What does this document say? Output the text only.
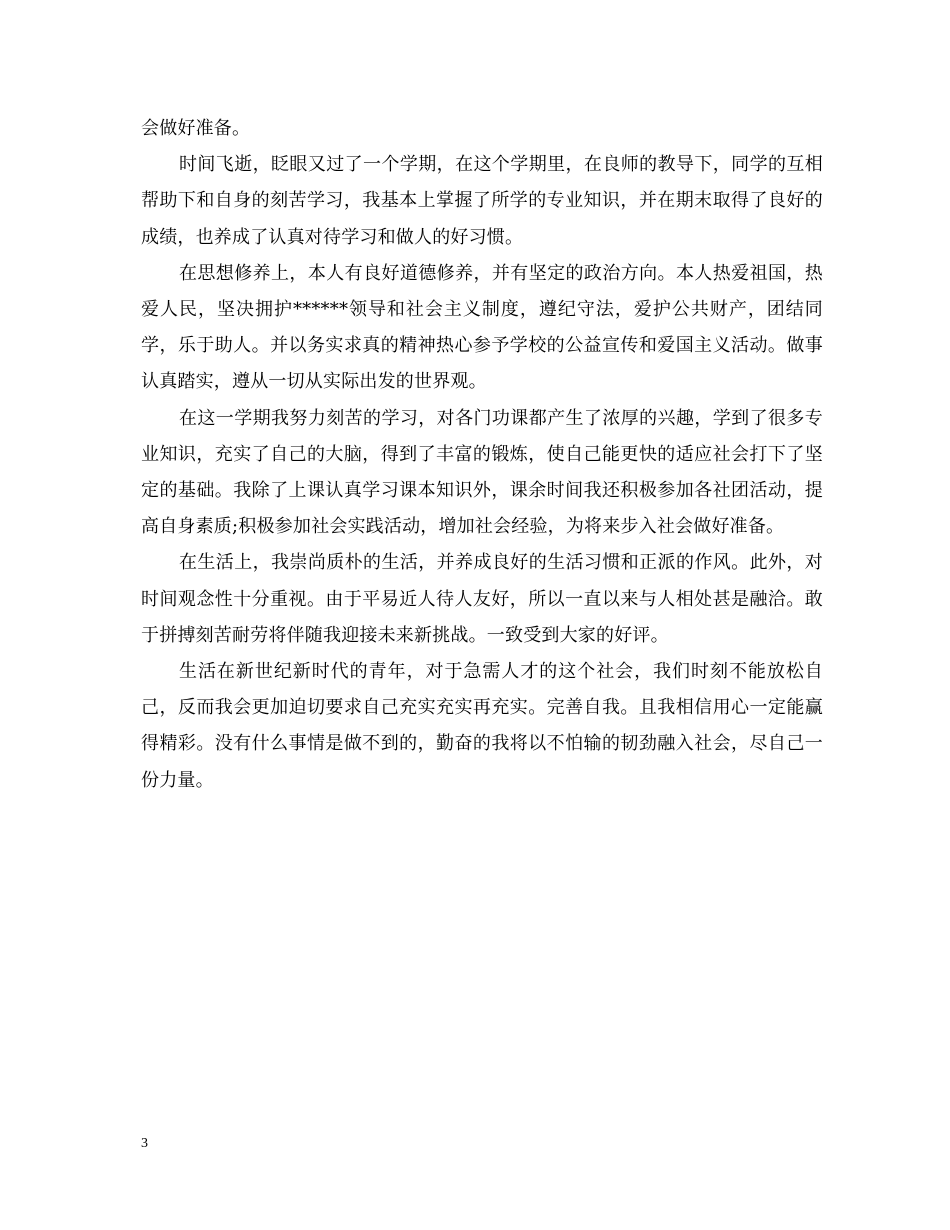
会做好准备。

时间飞逝，眨眼又过了一个学期，在这个学期里，在良师的教导下，同学的互相帮助下和自身的刻苦学习，我基本上掌握了所学的专业知识，并在期末取得了良好的成绩，也养成了认真对待学习和做人的好习惯。

在思想修养上，本人有良好道德修养，并有坚定的政治方向。本人热爱祖国，热爱人民，坚决拥护******领导和社会主义制度，遵纪守法，爱护公共财产，团结同学，乐于助人。并以务实求真的精神热心参予学校的公益宣传和爱国主义活动。做事认真踏实，遵从一切从实际出发的世界观。

在这一学期我努力刻苦的学习，对各门功课都产生了浓厚的兴趣，学到了很多专业知识，充实了自己的大脑，得到了丰富的锻炼，使自己能更快的适应社会打下了坚定的基础。我除了上课认真学习课本知识外，课余时间我还积极参加各社团活动，提高自身素质;积极参加社会实践活动，增加社会经验，为将来步入社会做好准备。

在生活上，我崇尚质朴的生活，并养成良好的生活习惯和正派的作风。此外，对时间观念性十分重视。由于平易近人待人友好，所以一直以来与人相处甚是融洽。敢于拼搏刻苦耐劳将伴随我迎接未来新挑战。一致受到大家的好评。

生活在新世纪新时代的青年，对于急需人才的这个社会，我们时刻不能放松自己，反而我会更加迫切要求自己充实充实再充实。完善自我。且我相信用心一定能赢得精彩。没有什么事情是做不到的，勤奋的我将以不怕输的韧劲融入社会，尽自己一份力量。

3
